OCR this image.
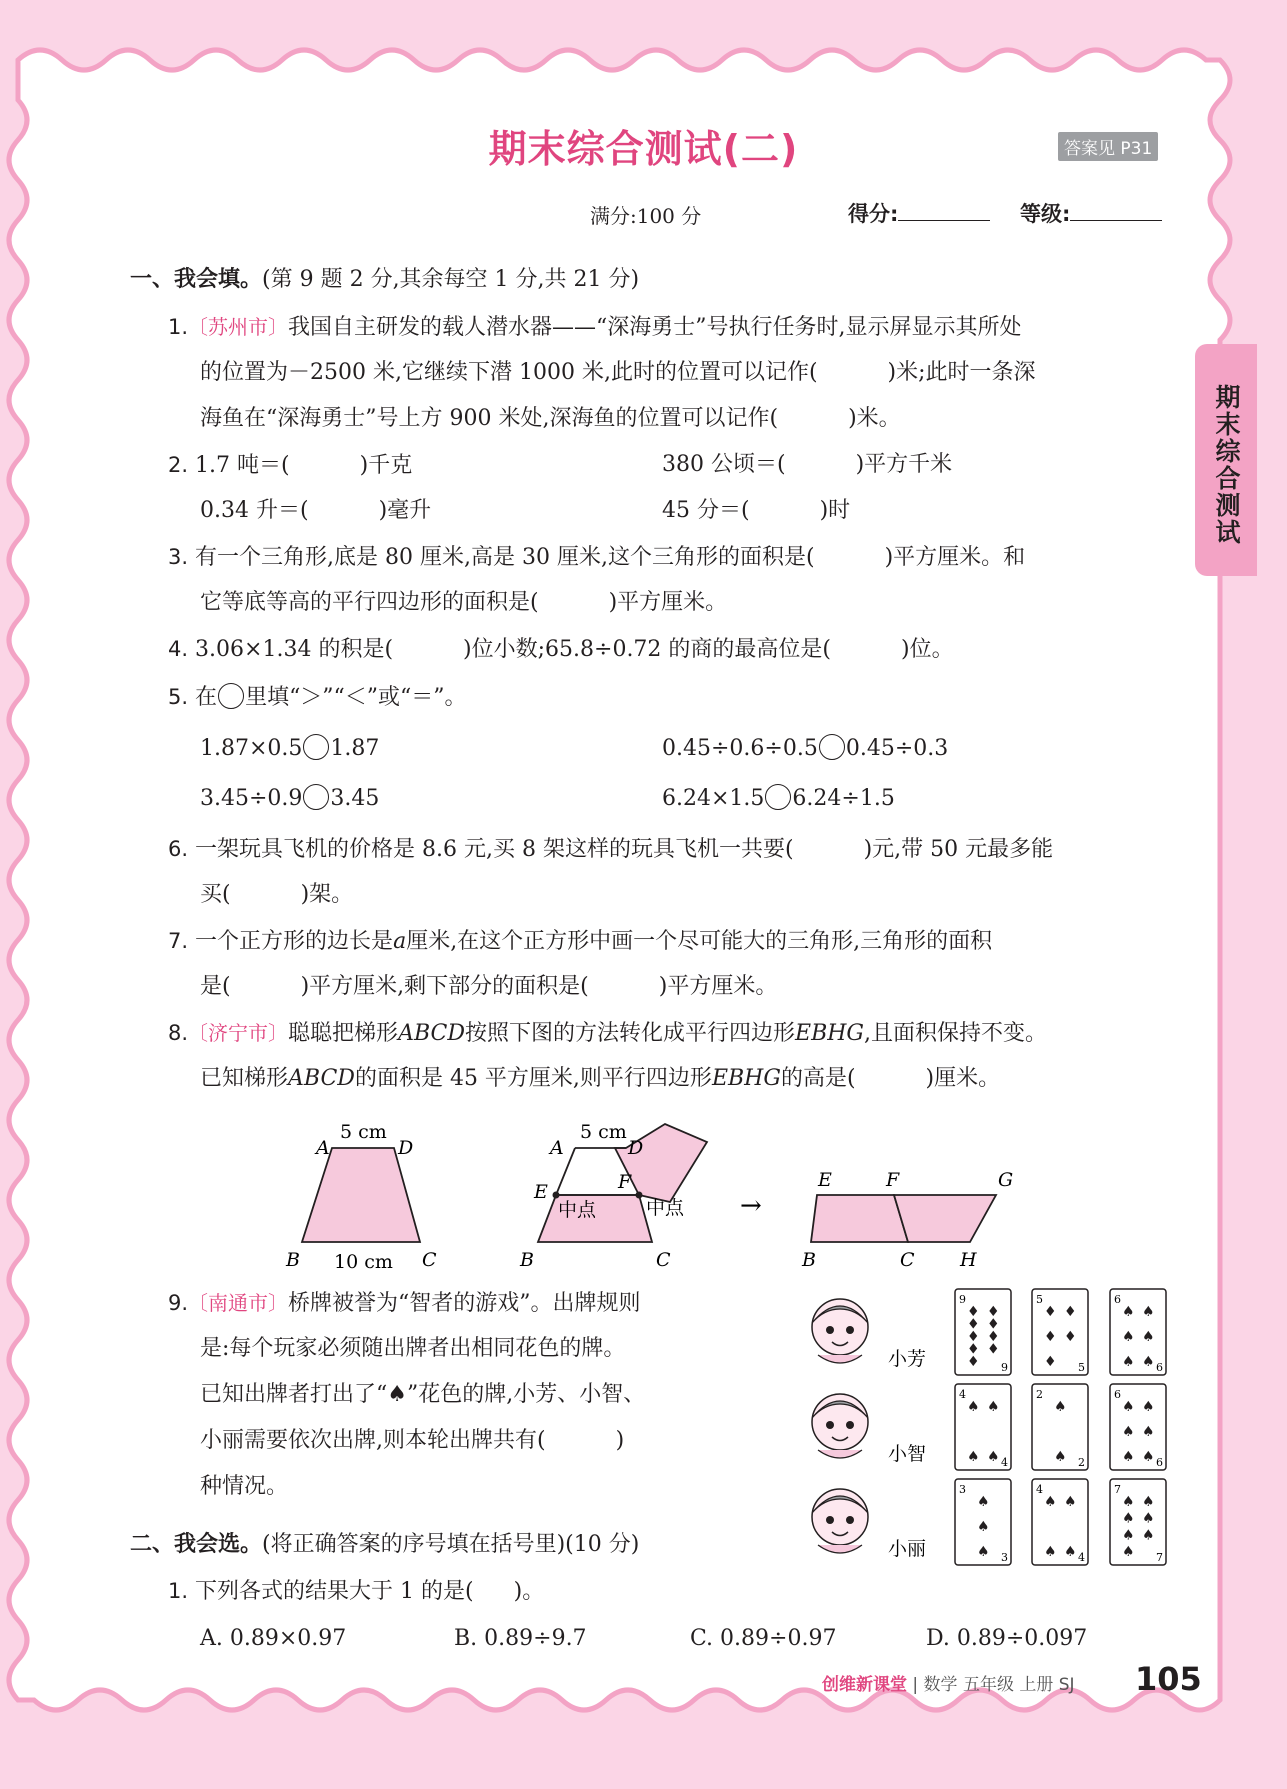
期末综合测试(二)	答案见 P31
满分:100 分	得分:	等级:
期末综合测试
一、我会填。(第 9 题 2 分,其余每空 1 分,共 21 分)
1.〔苏州市〕我国自主研发的载人潜水器——“深海勇士”号执行任务时,显示屏显示其所处
的位置为－2500 米,它继续下潜 1000 米,此时的位置可以记作(	)米;此时一条深
海鱼在“深海勇士”号上方 900 米处,深海鱼的位置可以记作(	)米。
2. 1.7 吨＝(	)千克	380 公顷＝(	)平方千米
0.34 升＝(	)毫升	45 分＝(	)时
3. 有一个三角形,底是 80 厘米,高是 30 厘米,这个三角形的面积是(	)平方厘米。和
它等底等高的平行四边形的面积是(	)平方厘米。
4. 3.06×1.34 的积是(	)位小数;65.8÷0.72 的商的最高位是(	)位。
5. 在 里填“＞”“＜”或“＝”。
1.87×0.5 1.87	0.45÷0.6÷0.5 0.45÷0.3
3.45÷0.9 3.45	6.24×1.5 6.24÷1.5
6. 一架玩具飞机的价格是 8.6 元,买 8 架这样的玩具飞机一共要(	)元,带 50 元最多能
买(	)架。
7. 一个正方形的边长是a厘米,在这个正方形中画一个尽可能大的三角形,三角形的面积
是(	)平方厘米,剩下部分的面积是(	)平方厘米。
8.〔济宁市〕聪聪把梯形ABCD按照下图的方法转化成平行四边形EBHG,且面积保持不变。
已知梯形ABCD的面积是 45 平方厘米,则平行四边形EBHG的高是(	)厘米。
5 cm
A	D
B	C
10 cm
5 cm
A	D
E	F
中点	中点
B	C
→
E	F	G
B	C H
9.〔南通市〕桥牌被誉为“智者的游戏”。出牌规则
是:每个玩家必须随出牌者出相同花色的牌。
已知出牌者打出了“♠”花色的牌,小芳、小智、
小丽需要依次出牌,则本轮出牌共有(	)
种情况。
小芳
小智
小丽
9
9
♦
♦
♦
♦
♦
♦
♦
♦
♦
5
5
♦
♦
♦
♦
♦
6
6
♠
♠
♠
♠
♠
♠
4
4
♠
♠
♠
♠
2
2
♠
♠
6
6
♠
♠
♠
♠
♠
♠
3
3
♠
♠
♠
4
4
♠
♠
♠
♠
7
7
♠
♠
♠
♠
♠
♠
♠
二、我会选。(将正确答案的序号填在括号里)(10 分)
1. 下列各式的结果大于 1 的是( )。
A. 0.89×0.97	B. 0.89÷9.7	C. 0.89÷0.97	D. 0.89÷0.097
创维新课堂 | 数学 五年级 上册 SJ 105
